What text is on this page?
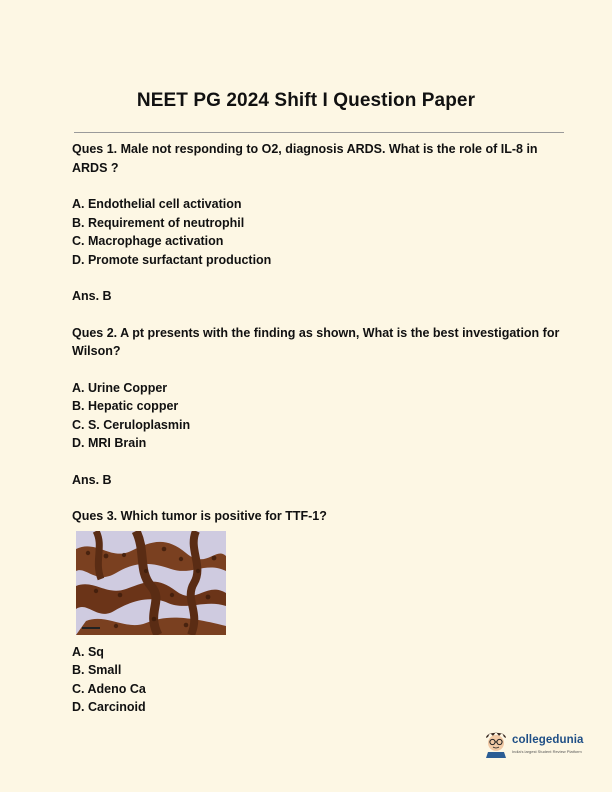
NEET PG 2024 Shift I Question Paper

Ques 1. Male not responding to O2, diagnosis ARDS. What is the role of IL-8 in ARDS ?

A. Endothelial cell activation

B. Requirement of neutrophil

C. Macrophage activation

D. Promote surfactant production

Ans. B

Ques 2. A pt presents with the finding as shown, What is the best investigation for Wilson?

A. Urine Copper

B. Hepatic copper

C. S. Ceruloplasmin

D. MRI Brain

Ans. B

Ques 3. Which tumor is positive for TTF-1?

A. Sq

B. Small

C. Adeno Ca

D. Carcinoid

collegedunia
India's largest Student Review Platform
